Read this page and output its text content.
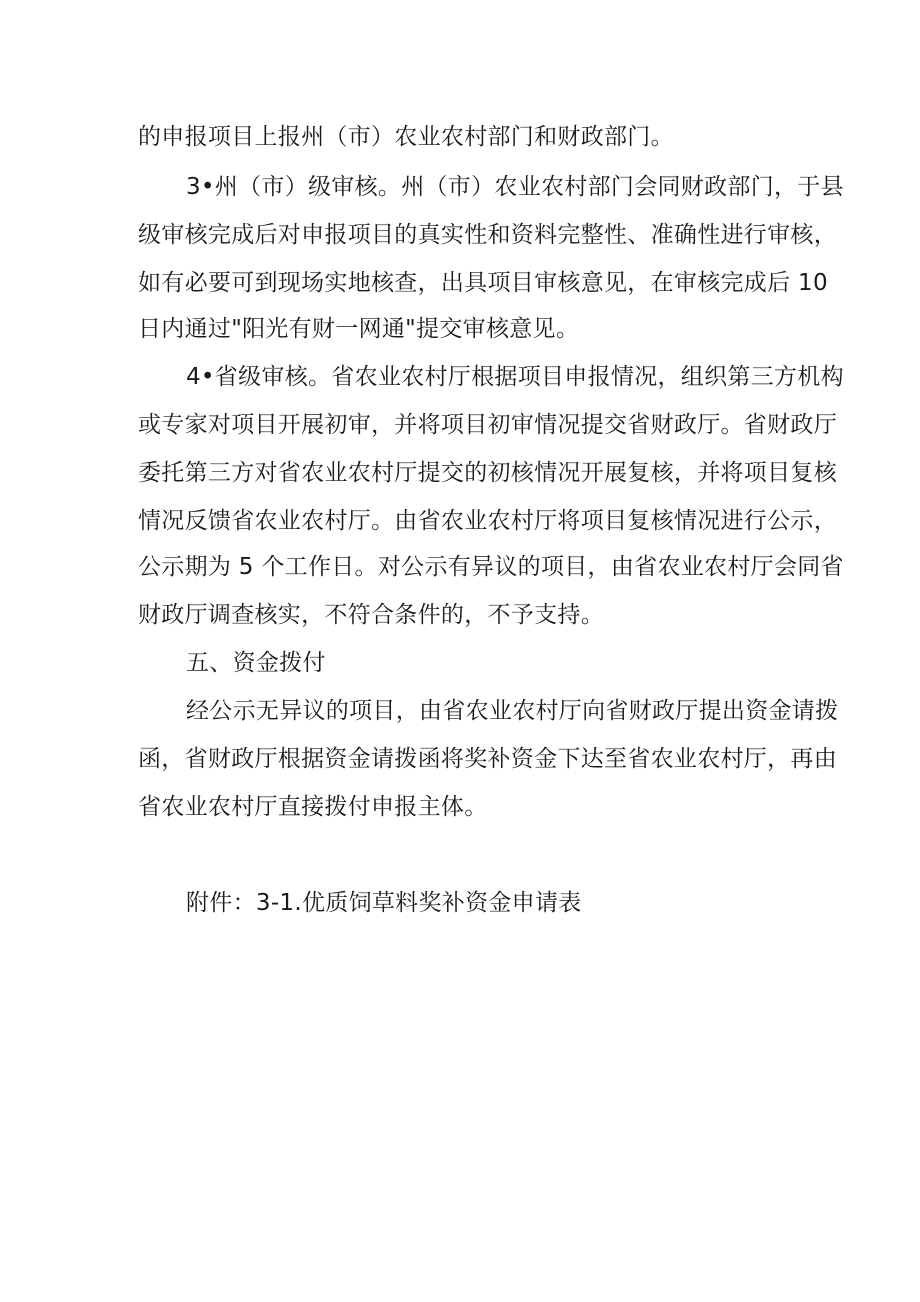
的申报项目上报州（市）农业农村部门和财政部门。
3•州（市）级审核。州（市）农业农村部门会同财政部门，于县
级审核完成后对申报项目的真实性和资料完整性、准确性进行审核，
如有必要可到现场实地核查，出具项目审核意见，在审核完成后 10
日内通过"阳光有财一网通"提交审核意见。
4•省级审核。省农业农村厅根据项目申报情况，组织第三方机构
或专家对项目开展初审，并将项目初审情况提交省财政厅。省财政厅
委托第三方对省农业农村厅提交的初核情况开展复核，并将项目复核
情况反馈省农业农村厅。由省农业农村厅将项目复核情况进行公示，
公示期为 5 个工作日。对公示有异议的项目，由省农业农村厅会同省
财政厅调查核实，不符合条件的，不予支持。
五、资金拨付
经公示无异议的项目，由省农业农村厅向省财政厅提出资金请拨
函，省财政厅根据资金请拨函将奖补资金下达至省农业农村厅，再由
省农业农村厅直接拨付申报主体。
附件：3-1.优质饲草料奖补资金申请表
